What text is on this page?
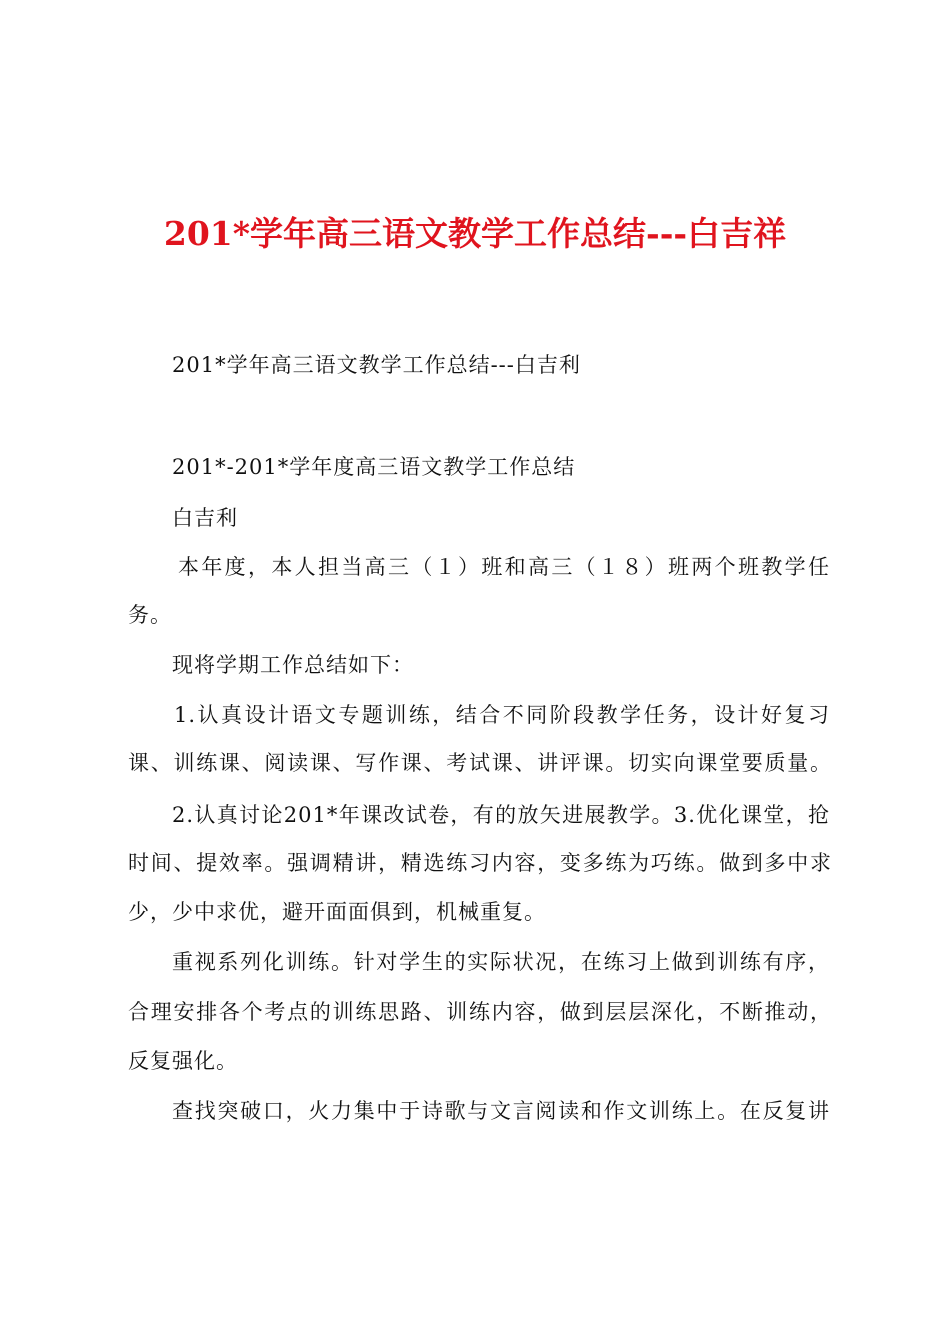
201*学年高三语文教学工作总结---白吉祥
201*学年高三语文教学工作总结---白吉利
201*-201*学年度高三语文教学工作总结
白吉利
本年度，本人担当高三（１）班和高三（１８）班两个班教学任
务。
现将学期工作总结如下：
1.认真设计语文专题训练，结合不同阶段教学任务，设计好复习
课、训练课、阅读课、写作课、考试课、讲评课。切实向课堂要质量。
2.认真讨论201*年课改试卷，有的放矢进展教学。3.优化课堂，抢
时间、提效率。强调精讲，精选练习内容，变多练为巧练。做到多中求
少，少中求优，避开面面俱到，机械重复。
重视系列化训练。针对学生的实际状况，在练习上做到训练有序，
合理安排各个考点的训练思路、训练内容，做到层层深化，不断推动，
反复强化。
查找突破口，火力集中于诗歌与文言阅读和作文训练上。在反复讲
